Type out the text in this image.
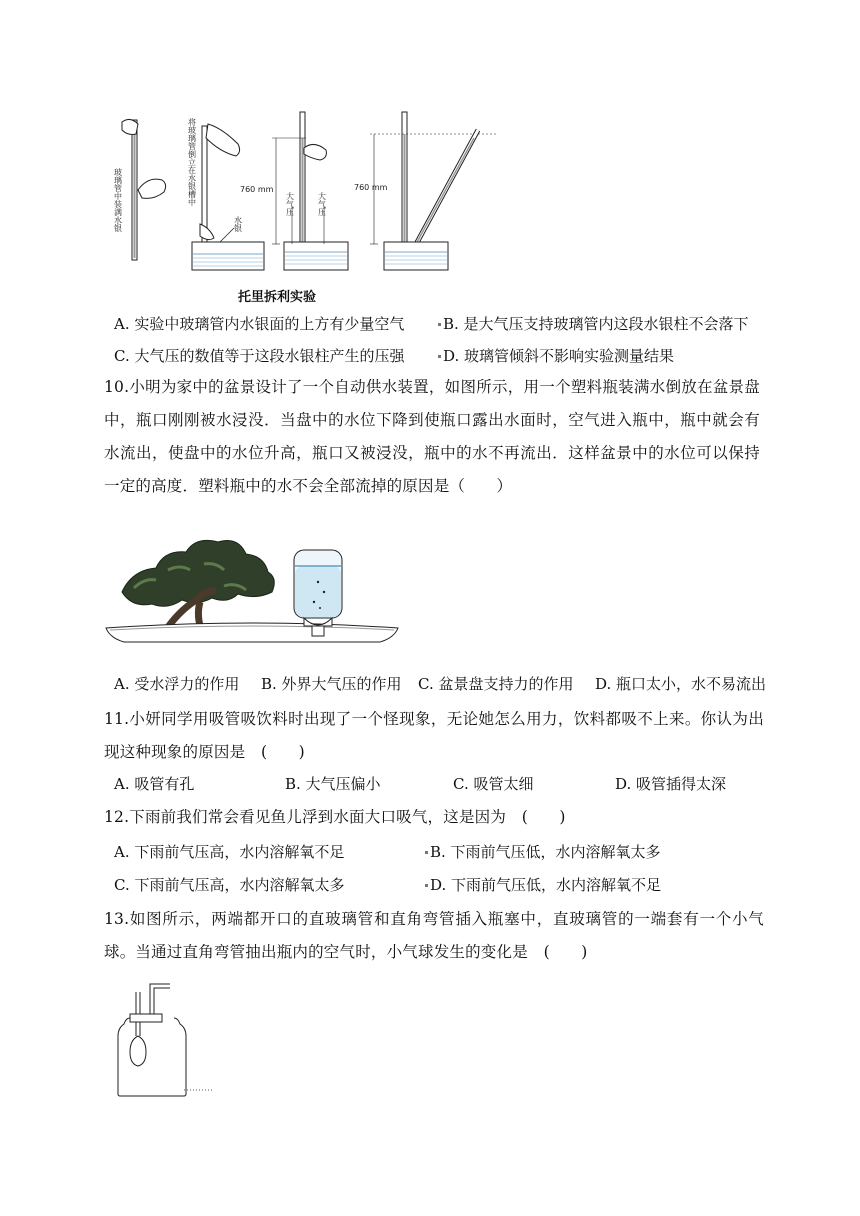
玻璃管中装满水银	将玻璃管倒立在水银槽中
水银
760 mm
大气压	大气压
760 mm
托里拆利实验
A. 实验中玻璃管内水银面的上方有少量空气	B. 是大气压支持玻璃管内这段水银柱不会落下
C. 大气压的数值等于这段水银柱产生的压强	D. 玻璃管倾斜不影响实验测量结果
10.小明为家中的盆景设计了一个自动供水装置，如图所示，用一个塑料瓶装满水倒放在盆景盘中，瓶口刚刚被水浸没．当盘中的水位下降到使瓶口露出水面时，空气进入瓶中，瓶中就会有水流出，使盘中的水位升高，瓶口又被浸没，瓶中的水不再流出．这样盆景中的水位可以保持一定的高度．塑料瓶中的水不会全部流掉的原因是（　　）
A. 受水浮力的作用 B. 外界大气压的作用 C. 盆景盘支持力的作用 D. 瓶口太小，水不易流出
11.小妍同学用吸管吸饮料时出现了一个怪现象，无论她怎么用力，饮料都吸不上来。你认为出现这种现象的原因是　(　　)
A. 吸管有孔	B. 大气压偏小	C. 吸管太细	D. 吸管插得太深
12.下雨前我们常会看见鱼儿浮到水面大口吸气，这是因为　(　　)
A. 下雨前气压高，水内溶解氧不足	B. 下雨前气压低，水内溶解氧太多
C. 下雨前气压高，水内溶解氧太多	D. 下雨前气压低，水内溶解氧不足
13.如图所示，两端都开口的直玻璃管和直角弯管插入瓶塞中，直玻璃管的一端套有一个小气球。当通过直角弯管抽出瓶内的空气时，小气球发生的变化是　(　　)
